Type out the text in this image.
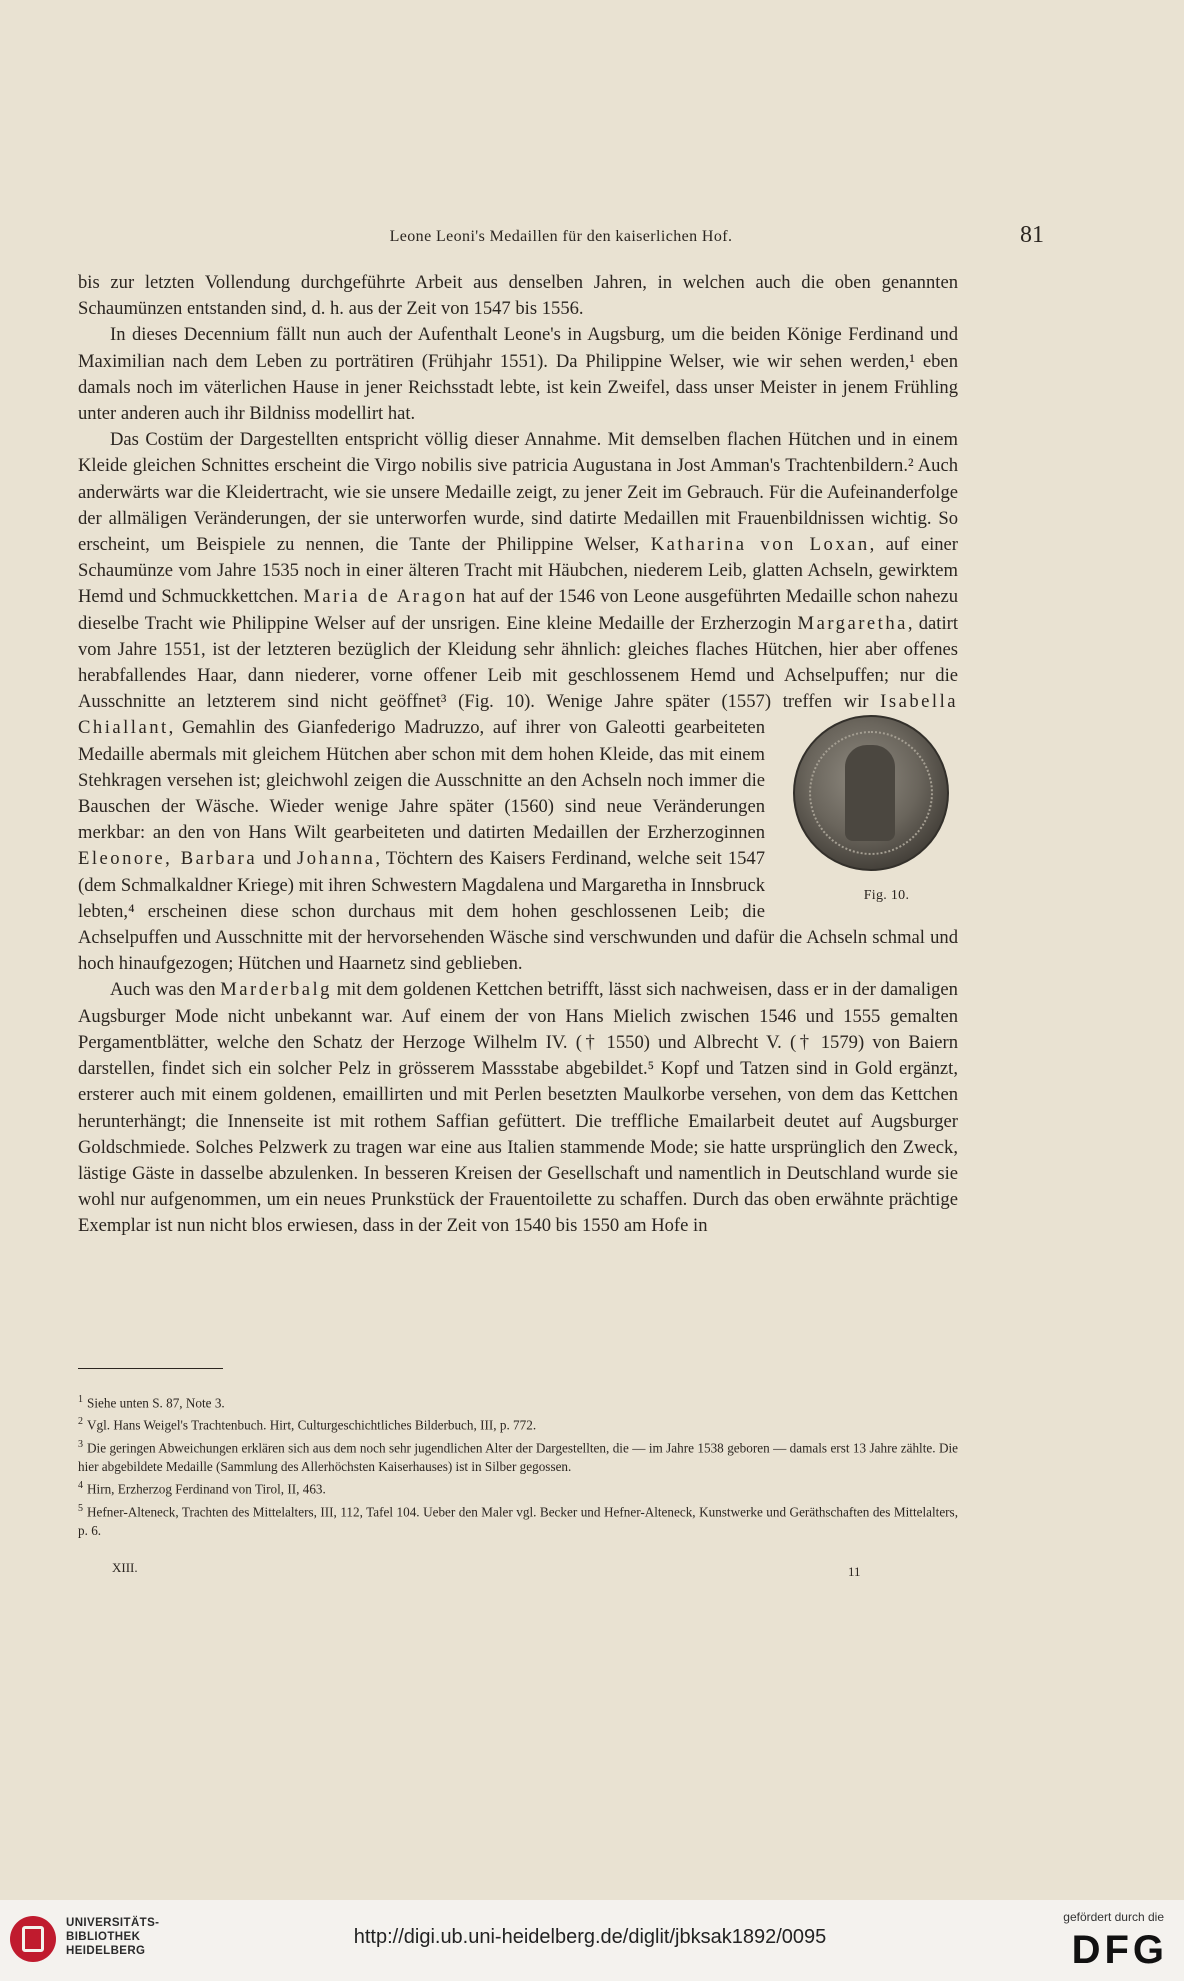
Leone Leoni's Medaillen für den kaiserlichen Hof.	81

bis zur letzten Vollendung durchgeführte Arbeit aus denselben Jahren, in welchen auch die oben genannten Schaumünzen entstanden sind, d. h. aus der Zeit von 1547 bis 1556.

In dieses Decennium fällt nun auch der Aufenthalt Leone's in Augsburg, um die beiden Könige Ferdinand und Maximilian nach dem Leben zu porträtiren (Frühjahr 1551). Da Philippine Welser, wie wir sehen werden,¹ eben damals noch im väterlichen Hause in jener Reichsstadt lebte, ist kein Zweifel, dass unser Meister in jenem Frühling unter anderen auch ihr Bildniss modellirt hat.

Das Costüm der Dargestellten entspricht völlig dieser Annahme. Mit demselben flachen Hütchen und in einem Kleide gleichen Schnittes erscheint die Virgo nobilis sive patricia Augustana in Jost Amman's Trachtenbildern.² Auch anderwärts war die Kleidertracht, wie sie unsere Medaille zeigt, zu jener Zeit im Gebrauch. Für die Aufeinanderfolge der allmäligen Veränderungen, der sie unterworfen wurde, sind datirte Medaillen mit Frauenbildnissen wichtig. So erscheint, um Beispiele zu nennen, die Tante der Philippine Welser, Katharina von Loxan, auf einer Schaumünze vom Jahre 1535 noch in einer älteren Tracht mit Häubchen, niederem Leib, glatten Achseln, gewirktem Hemd und Schmuckkettchen. Maria de Aragon hat auf der 1546 von Leone ausgeführten Medaille schon nahezu dieselbe Tracht wie Philippine Welser auf der unsrigen. Eine kleine Medaille der Erzherzogin Margaretha, datirt vom Jahre 1551, ist der letzteren bezüglich der Kleidung sehr ähnlich: gleiches flaches Hütchen, hier aber offenes herabfallendes Haar, dann niederer, vorne offener Leib mit geschlossenem Hemd und Achselpuffen; nur die Ausschnitte an letzterem sind nicht geöffnet³ (Fig. 10). Wenige Jahre später (1557) treffen wir
Fig. 10.
Isabella Chiallant, Gemahlin des Gianfederigo Madruzzo, auf ihrer von Galeotti gearbeiteten Medaille abermals mit gleichem Hütchen aber schon mit dem hohen Kleide, das mit einem Stehkragen versehen ist; gleichwohl zeigen die Ausschnitte an den Achseln noch immer die Bauschen der Wäsche. Wieder wenige Jahre später (1560) sind neue Veränderungen merkbar: an den von Hans Wilt gearbeiteten und datirten Medaillen der Erzherzoginnen Eleonore, Barbara und Johanna, Töchtern des Kaisers Ferdinand, welche seit 1547 (dem Schmalkaldner Kriege) mit ihren Schwestern Magdalena und Margaretha in Innsbruck lebten,⁴ erscheinen diese schon durchaus mit dem hohen geschlossenen Leib; die Achselpuffen und Ausschnitte mit der hervorsehenden Wäsche sind verschwunden und dafür die Achseln schmal und hoch hinaufgezogen; Hütchen und Haarnetz sind geblieben.

Auch was den Marderbalg mit dem goldenen Kettchen betrifft, lässt sich nachweisen, dass er in der damaligen Augsburger Mode nicht unbekannt war. Auf einem der von Hans Mielich zwischen 1546 und 1555 gemalten Pergamentblätter, welche den Schatz der Herzoge Wilhelm IV. († 1550) und Albrecht V. († 1579) von Baiern darstellen, findet sich ein solcher Pelz in grösserem Massstabe abgebildet.⁵ Kopf und Tatzen sind in Gold ergänzt, ersterer auch mit einem goldenen, emaillirten und mit Perlen besetzten Maulkorbe versehen, von dem das Kettchen herunterhängt; die Innenseite ist mit rothem Saffian gefüttert. Die treffliche Emailarbeit deutet auf Augsburger Goldschmiede. Solches Pelzwerk zu tragen war eine aus Italien stammende Mode; sie hatte ursprünglich den Zweck, lästige Gäste in dasselbe abzulenken. In besseren Kreisen der Gesellschaft und namentlich in Deutschland wurde sie wohl nur aufgenommen, um ein neues Prunkstück der Frauentoilette zu schaffen. Durch das oben erwähnte prächtige Exemplar ist nun nicht blos erwiesen, dass in der Zeit von 1540 bis 1550 am Hofe in

$^1$ Siehe unten S. 87, Note 3.
$^2$ Vgl. Hans Weigel's Trachtenbuch. Hirt, Culturgeschichtliches Bilderbuch, III, p. 772.
$^3$ Die geringen Abweichungen erklären sich aus dem noch sehr jugendlichen Alter der Dargestellten, die — im Jahre 1538 geboren — damals erst 13 Jahre zählte. Die hier abgebildete Medaille (Sammlung des Allerhöchsten Kaiserhauses) ist in Silber gegossen.
$^4$ Hirn, Erzherzog Ferdinand von Tirol, II, 463.
$^5$ Hefner-Alteneck, Trachten des Mittelalters, III, 112, Tafel 104. Ueber den Maler vgl. Becker und Hefner-Alteneck, Kunstwerke und Geräthschaften des Mittelalters, p. 6.
XIII.	11
UNIVERSITÄTS-
BIBLIOTHEK
HEIDELBERG
http://digi.ub.uni-heidelberg.de/diglit/jbksak1892/0095
gefördert durch die
DFG
